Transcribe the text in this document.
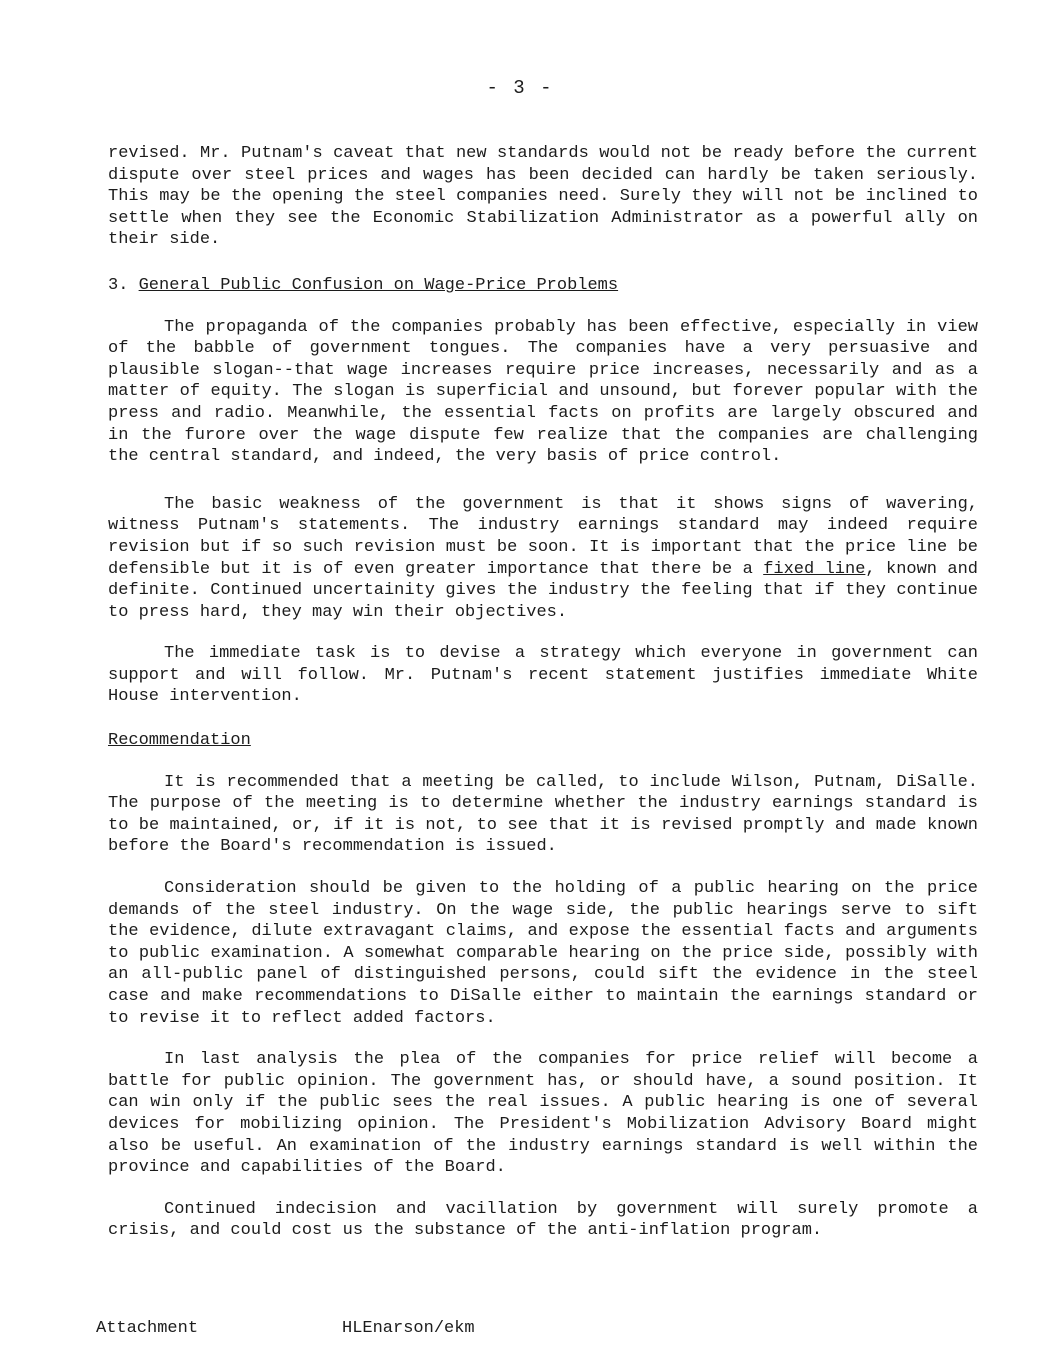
- 3 -

revised. Mr. Putnam's caveat that new standards would not be ready before the current dispute over steel prices and wages has been decided can hardly be taken seriously. This may be the opening the steel companies need. Surely they will not be inclined to settle when they see the Economic Stabilization Administrator as a powerful ally on their side.

3. General Public Confusion on Wage-Price Problems

The propaganda of the companies probably has been effective, especially in view of the babble of government tongues. The companies have a very persuasive and plausible slogan--that wage increases require price increases, necessarily and as a matter of equity. The slogan is superficial and unsound, but forever popular with the press and radio. Meanwhile, the essential facts on profits are largely obscured and in the furore over the wage dispute few realize that the companies are challenging the central standard, and indeed, the very basis of price control.

The basic weakness of the government is that it shows signs of wavering, witness Putnam's statements. The industry earnings standard may indeed require revision but if so such revision must be soon. It is important that the price line be defensible but it is of even greater importance that there be a fixed line, known and definite. Continued uncertainity gives the industry the feeling that if they continue to press hard, they may win their objectives.

The immediate task is to devise a strategy which everyone in government can support and will follow. Mr. Putnam's recent statement justifies immediate White House intervention.

Recommendation

It is recommended that a meeting be called, to include Wilson, Putnam, DiSalle. The purpose of the meeting is to determine whether the industry earnings standard is to be maintained, or, if it is not, to see that it is revised promptly and made known before the Board's recommendation is issued.

Consideration should be given to the holding of a public hearing on the price demands of the steel industry. On the wage side, the public hearings serve to sift the evidence, dilute extravagant claims, and expose the essential facts and arguments to public examination. A somewhat comparable hearing on the price side, possibly with an all-public panel of distinguished persons, could sift the evidence in the steel case and make recommendations to DiSalle either to maintain the earnings standard or to revise it to reflect added factors.

In last analysis the plea of the companies for price relief will become a battle for public opinion. The government has, or should have, a sound position. It can win only if the public sees the real issues. A public hearing is one of several devices for mobilizing opinion. The President's Mobilization Advisory Board might also be useful. An examination of the industry earnings standard is well within the province and capabilities of the Board.

Continued indecision and vacillation by government will surely promote a crisis, and could cost us the substance of the anti-inflation program.

Attachment	HLEnarson/ekm
